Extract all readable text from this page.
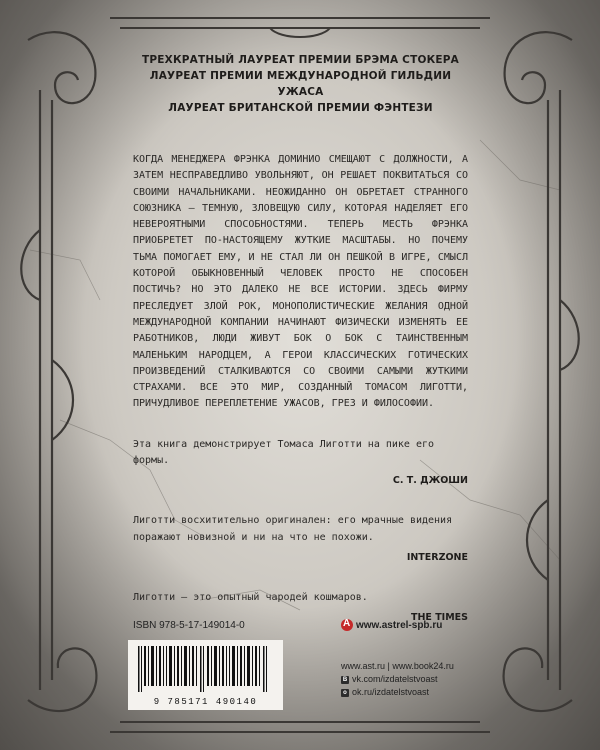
ТРЕХКРАТНЫЙ ЛАУРЕАТ ПРЕМИИ БРЭМА СТОКЕРА
ЛАУРЕАТ ПРЕМИИ МЕЖДУНАРОДНОЙ ГИЛЬДИИ УЖАСА
ЛАУРЕАТ БРИТАНСКОЙ ПРЕМИИ ФЭНТЕЗИ
КОГДА МЕНЕДЖЕРА ФРЭНКА ДОМИНИО СМЕЩАЮТ С ДОЛЖНОСТИ, А ЗАТЕМ НЕСПРАВЕДЛИВО УВОЛЬНЯЮТ, ОН РЕШАЕТ ПОКВИТАТЬСЯ СО СВОИМИ НАЧАЛЬНИКАМИ. НЕОЖИДАННО ОН ОБРЕТАЕТ СТРАННОГО СОЮЗНИКА — ТЕМНУЮ, ЗЛОВЕЩУЮ СИЛУ, КОТОРАЯ НАДЕЛЯЕТ ЕГО НЕВЕРОЯТНЫМИ СПОСОБНОСТЯМИ. ТЕПЕРЬ МЕСТЬ ФРЭНКА ПРИОБРЕТЕТ ПО-НАСТОЯЩЕМУ ЖУТКИЕ МАСШТАБЫ. НО ПОЧЕМУ ТЬМА ПОМОГАЕТ ЕМУ, И НЕ СТАЛ ЛИ ОН ПЕШКОЙ В ИГРЕ, СМЫСЛ КОТОРОЙ ОБЫКНОВЕННЫЙ ЧЕЛОВЕК ПРОСТО НЕ СПОСОБЕН ПОСТИЧЬ? НО ЭТО ДАЛЕКО НЕ ВСЕ ИСТОРИИ. ЗДЕСЬ ФИРМУ ПРЕСЛЕДУЕТ ЗЛОЙ РОК, МОНОПОЛИСТИЧЕСКИЕ ЖЕЛАНИЯ ОДНОЙ МЕЖДУНАРОДНОЙ КОМПАНИИ НАЧИНАЮТ ФИЗИЧЕСКИ ИЗМЕНЯТЬ ЕЕ РАБОТНИКОВ, ЛЮДИ ЖИВУТ БОК О БОК С ТАИНСТВЕННЫМ МАЛЕНЬКИМ НАРОДЦЕМ, А ГЕРОИ КЛАССИЧЕСКИХ ГОТИЧЕСКИХ ПРОИЗВЕДЕНИЙ СТАЛКИВАЮТСЯ СО СВОИМИ САМЫМИ ЖУТКИМИ СТРАХАМИ. ВСЕ ЭТО МИР, СОЗДАННЫЙ ТОМАСОМ ЛИГОТТИ, ПРИЧУДЛИВОЕ ПЕРЕПЛЕТЕНИЕ УЖАСОВ, ГРЕЗ И ФИЛОСОФИИ.
Эта книга демонстрирует Томаса Лиготти на пике его формы.
С. Т. ДЖОШИ
Лиготти восхитительно оригинален: его мрачные видения поражают новизной и ни на что не похожи.
INTERZONE
Лиготти — это опытный чародей кошмаров.
THE TIMES
ISBN 978-5-17-149014-0
A	www.astrel-spb.ru
9 785171 490140
www.ast.ru | www.book24.ru
B vk.com/izdatelstvoast
o ok.ru/izdatelstvoast
